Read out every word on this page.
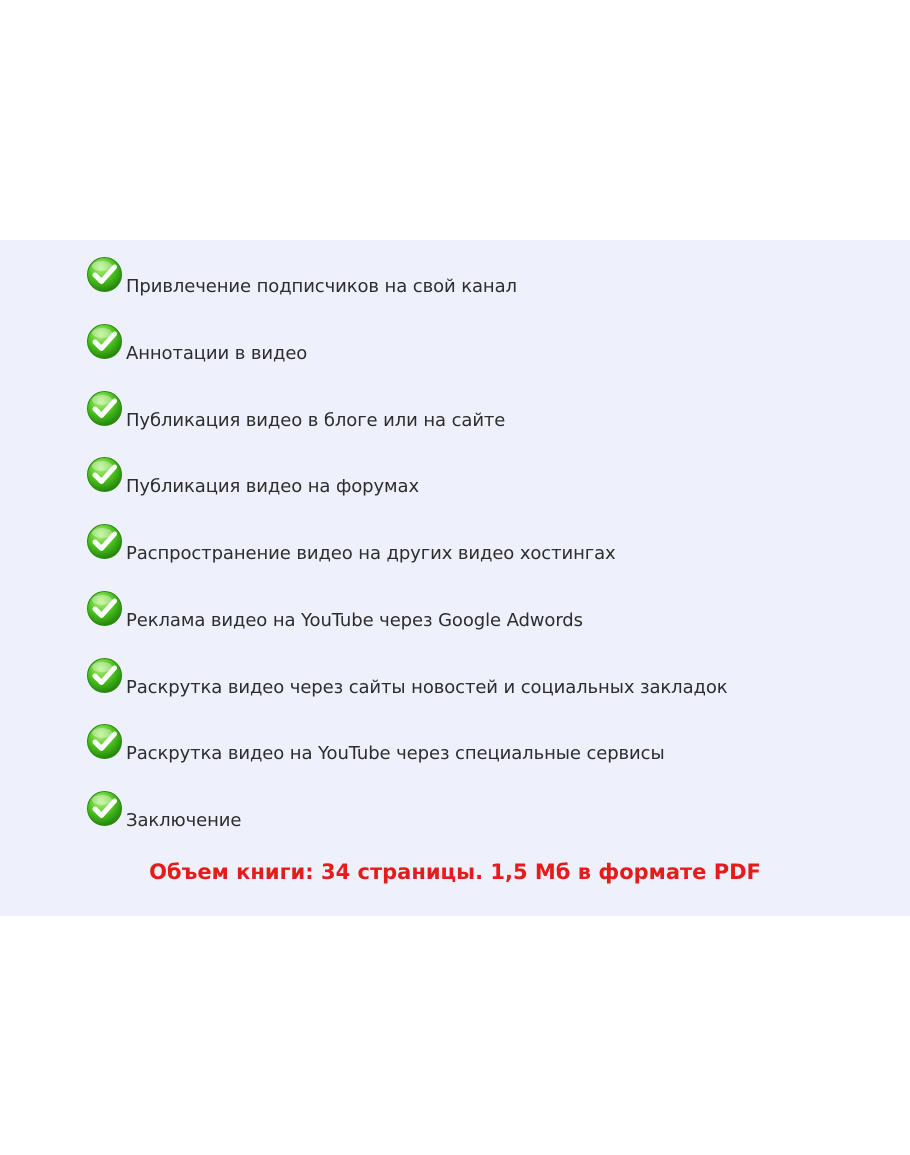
Привлечение подписчиков на свой канал
Аннотации в видео
Публикация видео в блоге или на сайте
Публикация видео на форумах
Распространение видео на других видео хостингах
Реклама видео на YouTube через Google Adwords
Раскрутка видео через сайты новостей и социальных закладок
Раскрутка видео на YouTube через специальные сервисы
Заключение
Объем книги: 34 страницы. 1,5 Мб в формате PDF
